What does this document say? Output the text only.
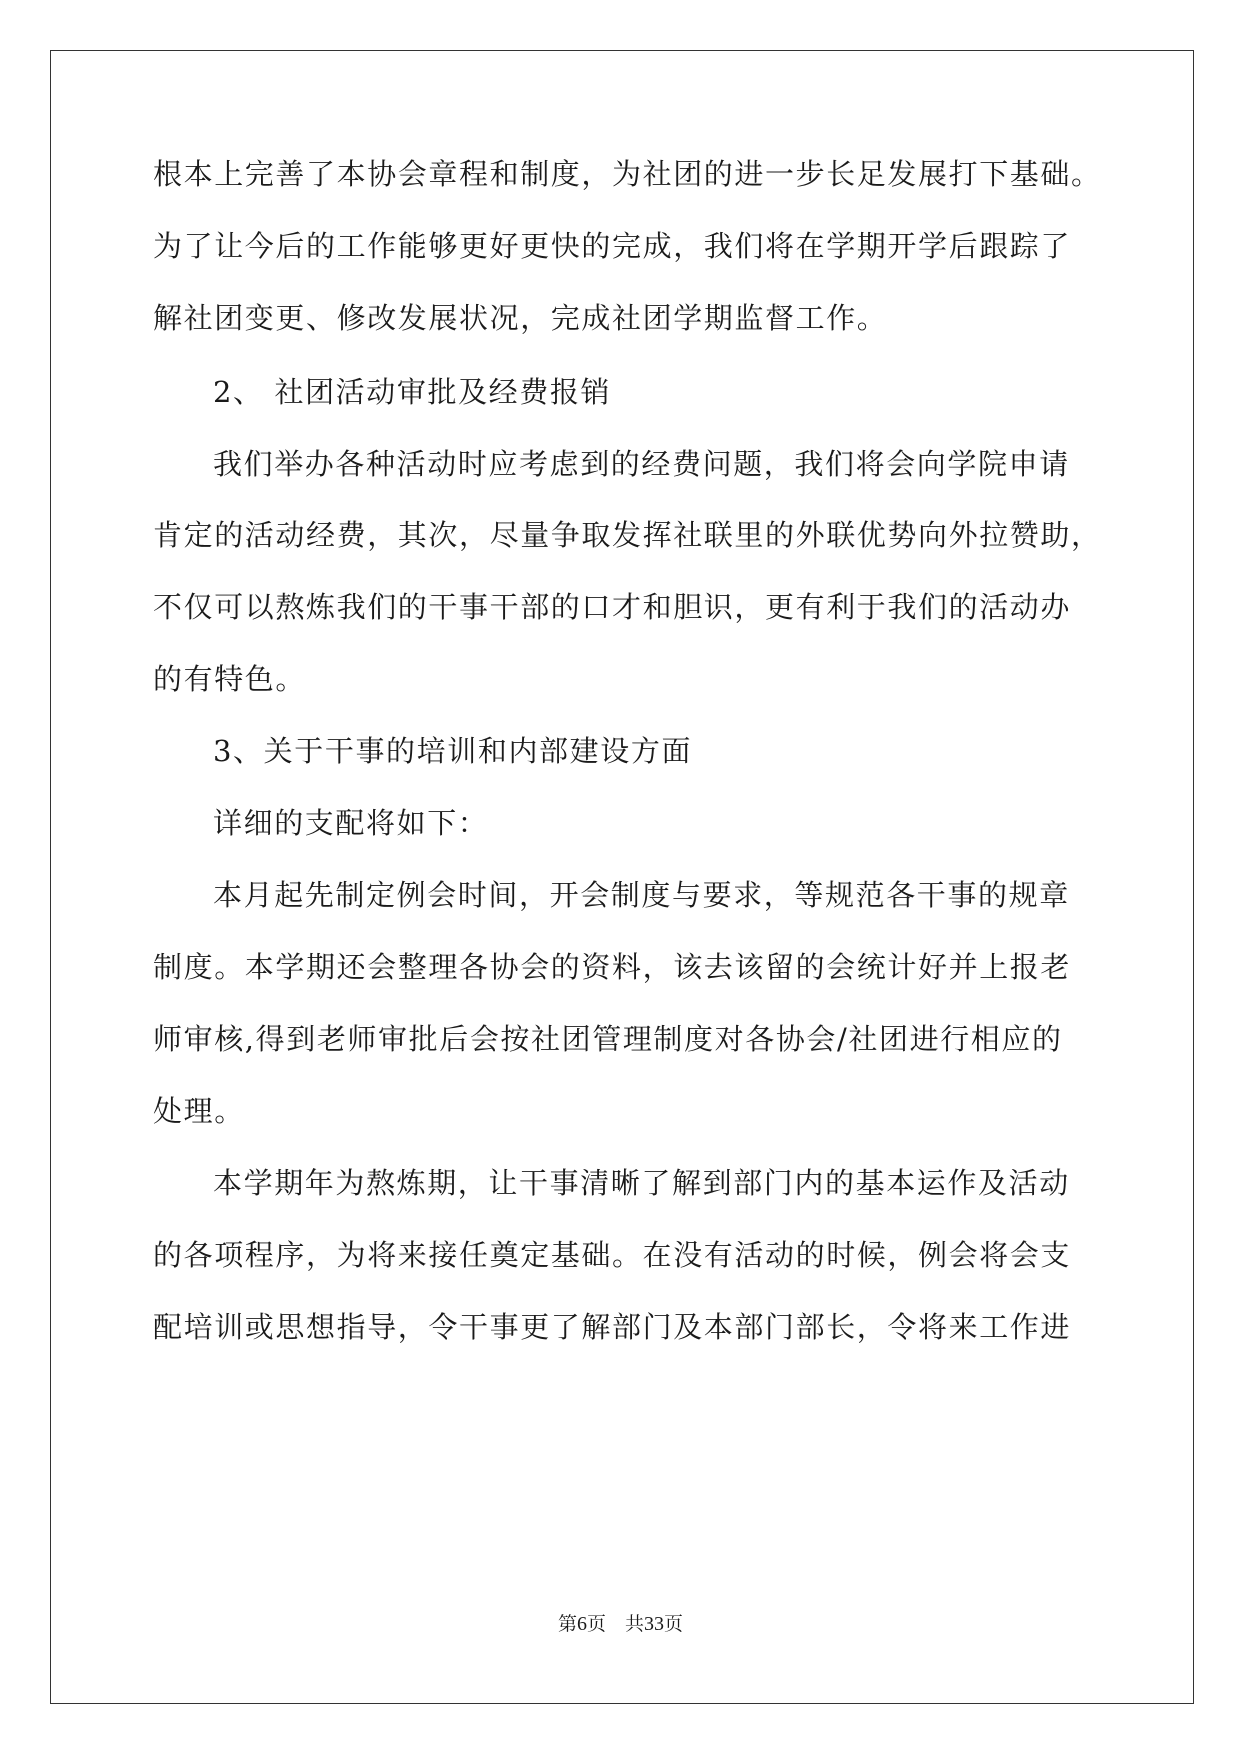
根本上完善了本协会章程和制度，为社团的进一步长足发展打下基础。
为了让今后的工作能够更好更快的完成，我们将在学期开学后跟踪了
解社团变更、修改发展状况，完成社团学期监督工作。
2、 社团活动审批及经费报销
我们举办各种活动时应考虑到的经费问题，我们将会向学院申请
肯定的活动经费，其次，尽量争取发挥社联里的外联优势向外拉赞助，
不仅可以熬炼我们的干事干部的口才和胆识，更有利于我们的活动办
的有特色。
3、关于干事的培训和内部建设方面
详细的支配将如下：
本月起先制定例会时间，开会制度与要求，等规范各干事的规章
制度。本学期还会整理各协会的资料，该去该留的会统计好并上报老
师审核,得到老师审批后会按社团管理制度对各协会/社团进行相应的
处理。
本学期年为熬炼期，让干事清晰了解到部门内的基本运作及活动
的各项程序，为将来接任奠定基础。在没有活动的时候，例会将会支
配培训或思想指导，令干事更了解部门及本部门部长，令将来工作进
第6页　共33页
